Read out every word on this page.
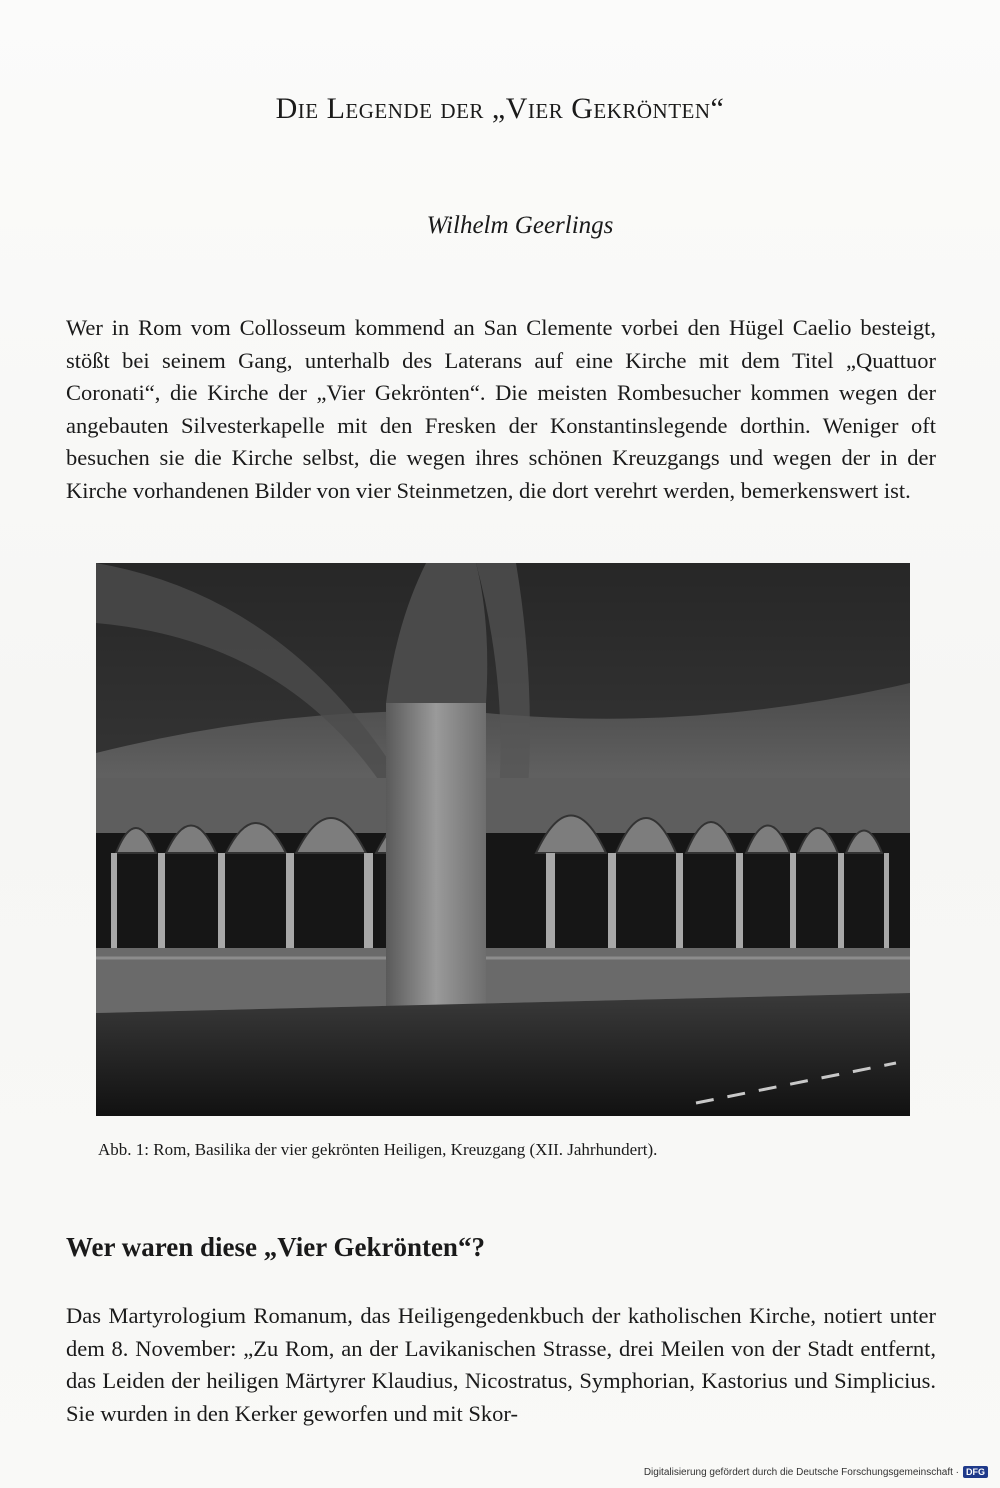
Die Legende der „Vier Gekrönten“

Wilhelm Geerlings

Wer in Rom vom Collosseum kommend an San Clemente vorbei den Hügel Caelio besteigt, stößt bei seinem Gang, unterhalb des Laterans auf eine Kirche mit dem Titel „Quattuor Coronati“, die Kirche der „Vier Gekrönten“. Die meisten Rombesucher kommen wegen der angebauten Silvesterkapelle mit den Fresken der Konstantinslegende dorthin. Weniger oft besuchen sie die Kirche selbst, die wegen ihres schönen Kreuzgangs und wegen der in der Kirche vorhandenen Bilder von vier Steinmetzen, die dort verehrt werden, bemerkenswert ist.

Abb. 1: Rom, Basilika der vier gekrönten Heiligen, Kreuzgang (XII. Jahrhundert).

Wer waren diese „Vier Gekrönten“?

Das Martyrologium Romanum, das Heiligengedenkbuch der katholischen Kirche, notiert unter dem 8. November: „Zu Rom, an der Lavikanischen Strasse, drei Meilen von der Stadt entfernt, das Leiden der heiligen Märtyrer Klaudius, Nicostratus, Symphorian, Kastorius und Simplicius. Sie wurden in den Kerker geworfen und mit Skor-

Digitalisierung gefördert durch die Deutsche Forschungsgemeinschaft · DFG
